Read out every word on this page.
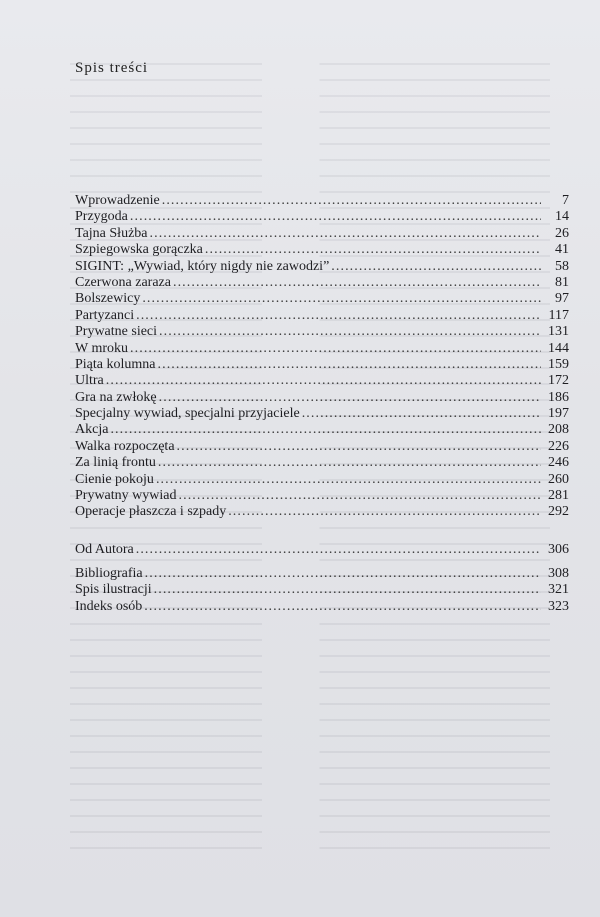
Spis treści
Wprowadzenie . . .	7
Przygoda . . .	14
Tajna Służba . . .	26
Szpiegowska gorączka . . .	41
SIGINT: „Wywiad, który nigdy nie zawodzi” . . .	58
Czerwona zaraza . . .	81
Bolszewicy . . .	97
Partyzanci . . .	117
Prywatne sieci . . .	131
W mroku . . .	144
Piąta kolumna . . .	159
Ultra . . .	172
Gra na zwłokę . . .	186
Specjalny wywiad, specjalni przyjaciele . . .	197
Akcja . . .	208
Walka rozpoczęta . . .	226
Za linią frontu . . .	246
Cienie pokoju . . .	260
Prywatny wywiad . . .	281
Operacje płaszcza i szpady . . .	292
Od Autora . . .	306
Bibliografia . . .	308
Spis ilustracji . . .	321
Indeks osób . . .	323
